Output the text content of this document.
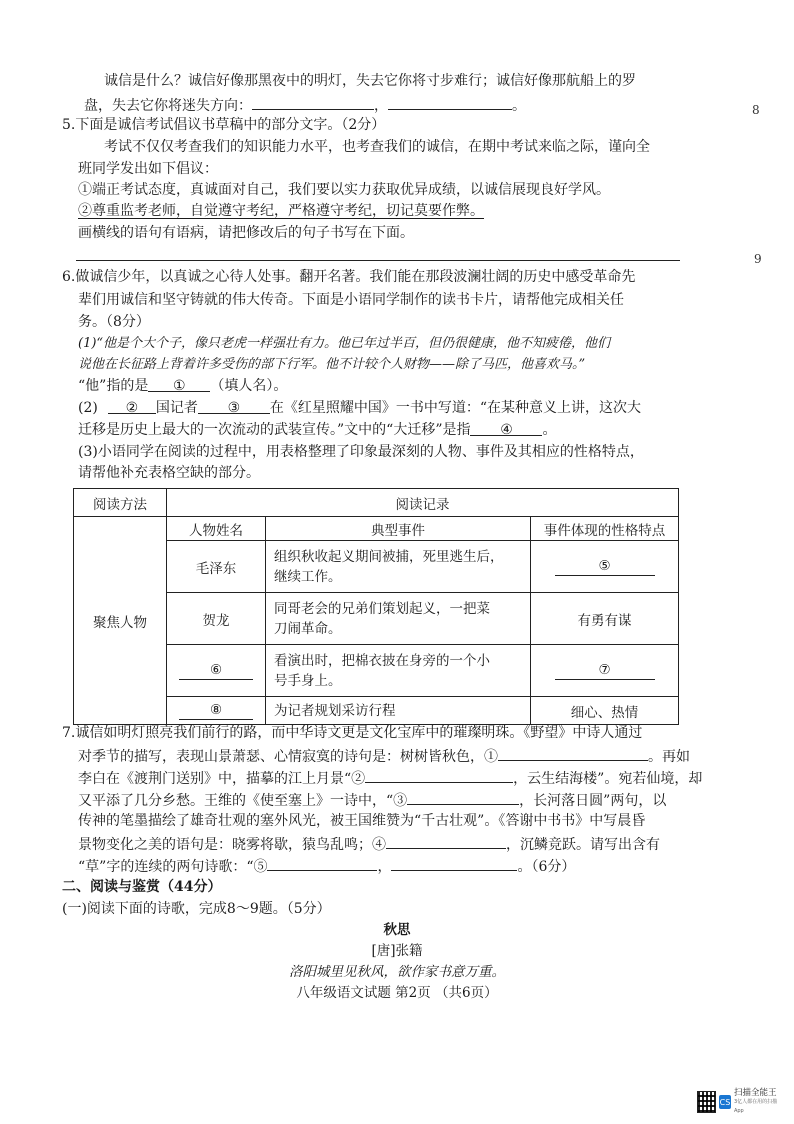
诚信是什么？诚信好像那黑夜中的明灯，失去它你将寸步难行；诚信好像那航船上的罗
盘，失去它你将迷失方向：	，	。
5.下面是诚信考试倡议书草稿中的部分文字。（2分）
考试不仅仅考查我们的知识能力水平，也考查我们的诚信，在期中考试来临之际，谨向全
班同学发出如下倡议：
①端正考试态度，真诚面对自己，我们要以实力获取优异成绩，以诚信展现良好学风。
②尊重监考老师，自觉遵守考纪，严格遵守考纪，切记莫要作弊。
画横线的语句有语病，请把修改后的句子书写在下面。
6.做诚信少年，以真诚之心待人处事。翻开名著。我们能在那段波澜壮阔的历史中感受革命先
辈们用诚信和坚守铸就的伟大传奇。下面是小语同学制作的读书卡片，请帮他完成相关任
务。（8分）
(1)“他是个大个子，像只老虎一样强壮有力。他已年过半百，但仍很健康，他不知疲倦，他们
说他在长征路上背着许多受伤的部下行军。他不计较个人财物——除了马匹，他喜欢马。”
“他”指的是 ① （填人名）。
(2) ② 国记者 ③ 在《红星照耀中国》一书中写道：“在某种意义上讲，这次大
迁移是历史上最大的一次流动的武装宣传。”文中的“大迁移”是指 ④ 。
(3)小语同学在阅读的过程中，用表格整理了印象最深刻的人物、事件及其相应的性格特点，
请帮他补充表格空缺的部分。
阅读方法	阅读记录		
聚焦人物	人物姓名	典型事件	事件体现的性格特点
	毛泽东	组织秋收起义期间被捕，死里逃生后，
继续工作。	⑤
	贺龙	同哥老会的兄弟们策划起义，一把菜
刀闹革命。	有勇有谋
	⑥	看演出时，把棉衣披在身旁的一个小
号手身上。	⑦
	⑧	为记者规划采访行程	细心、热情
7.诚信如明灯照亮我们前行的路，而中华诗文更是文化宝库中的璀璨明珠。《野望》中诗人通过
对季节的描写，表现山景萧瑟、心情寂寞的诗句是：树树皆秋色，①	。再如
李白在《渡荆门送别》中，描摹的江上月景“②	，云生结海楼”。宛若仙境，却
又平添了几分乡愁。王维的《使至塞上》一诗中，“③	，长河落日圆”两句，以
传神的笔墨描绘了雄奇壮观的塞外风光，被王国维赞为“千古壮观”。《答谢中书书》中写晨昏
景物变化之美的语句是：晓雾将歇，猿鸟乱鸣；④	，沉鳞竞跃。请写出含有
“草”字的连续的两句诗歌：“⑤	，	。（6分）
二、阅读与鉴赏（44分）
(一)阅读下面的诗歌，完成8～9题。（5分）
秋思
[唐]张籍
洛阳城里见秋风，欲作家书意万重。
八年级语文试题 第2页 （共6页）
8
9
CS
扫描全能王
3亿人都在用的扫描App
